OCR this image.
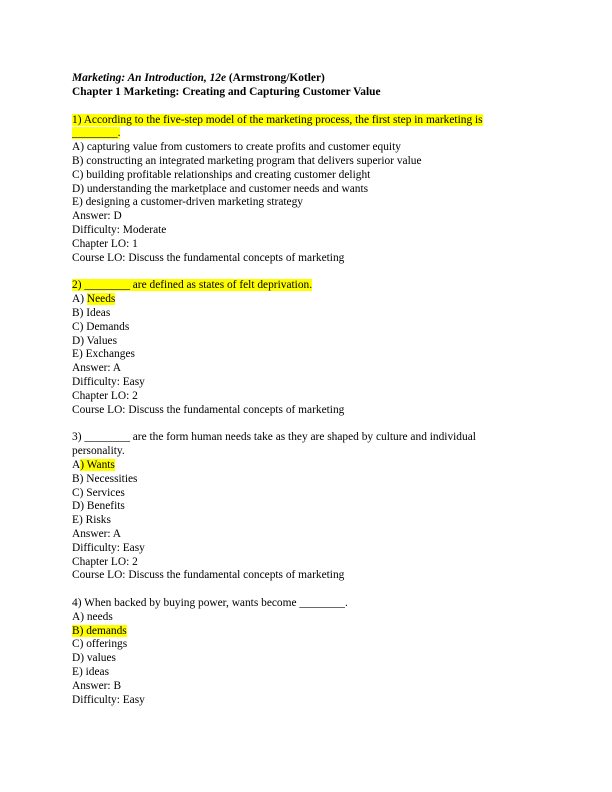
Marketing: An Introduction, 12e (Armstrong/Kotler)

Chapter 1 Marketing: Creating and Capturing Customer Value

1) According to the five-step model of the marketing process, the first step in marketing is ________.

A) capturing value from customers to create profits and customer equity

B) constructing an integrated marketing program that delivers superior value

C) building profitable relationships and creating customer delight

D) understanding the marketplace and customer needs and wants

E) designing a customer-driven marketing strategy

Answer: D

Difficulty: Moderate

Chapter LO: 1

Course LO: Discuss the fundamental concepts of marketing

2) ________ are defined as states of felt deprivation.

A) Needs

B) Ideas

C) Demands

D) Values

E) Exchanges

Answer: A

Difficulty: Easy

Chapter LO: 2

Course LO: Discuss the fundamental concepts of marketing

3) ________ are the form human needs take as they are shaped by culture and individual personality.

A) Wants

B) Necessities

C) Services

D) Benefits

E) Risks

Answer: A

Difficulty: Easy

Chapter LO: 2

Course LO: Discuss the fundamental concepts of marketing

4) When backed by buying power, wants become ________.

A) needs

B) demands

C) offerings

D) values

E) ideas

Answer: B

Difficulty: Easy
